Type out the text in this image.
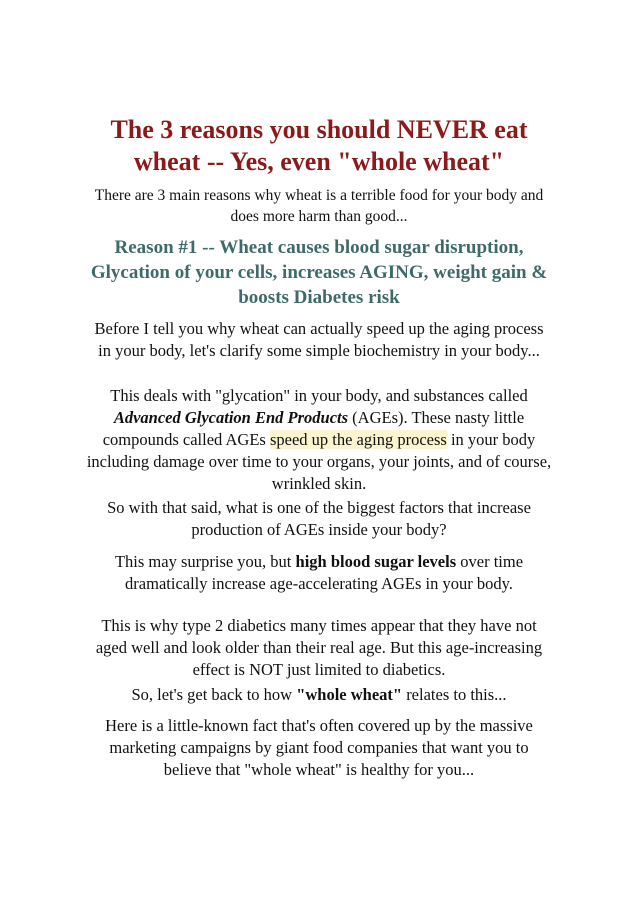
The 3 reasons you should NEVER eat wheat -- Yes, even "whole wheat"

There are 3 main reasons why wheat is a terrible food for your body and does more harm than good...

Reason #1 -- Wheat causes blood sugar disruption, Glycation of your cells, increases AGING, weight gain & boosts Diabetes risk

Before I tell you why wheat can actually speed up the aging process in your body, let's clarify some simple biochemistry in your body...

This deals with "glycation" in your body, and substances called Advanced Glycation End Products (AGEs). These nasty little compounds called AGEs speed up the aging process in your body including damage over time to your organs, your joints, and of course, wrinkled skin.

So with that said, what is one of the biggest factors that increase production of AGEs inside your body?

This may surprise you, but high blood sugar levels over time dramatically increase age-accelerating AGEs in your body.

This is why type 2 diabetics many times appear that they have not aged well and look older than their real age. But this age-increasing effect is NOT just limited to diabetics.

So, let's get back to how "whole wheat" relates to this...

Here is a little-known fact that's often covered up by the massive marketing campaigns by giant food companies that want you to believe that "whole wheat" is healthy for you...
